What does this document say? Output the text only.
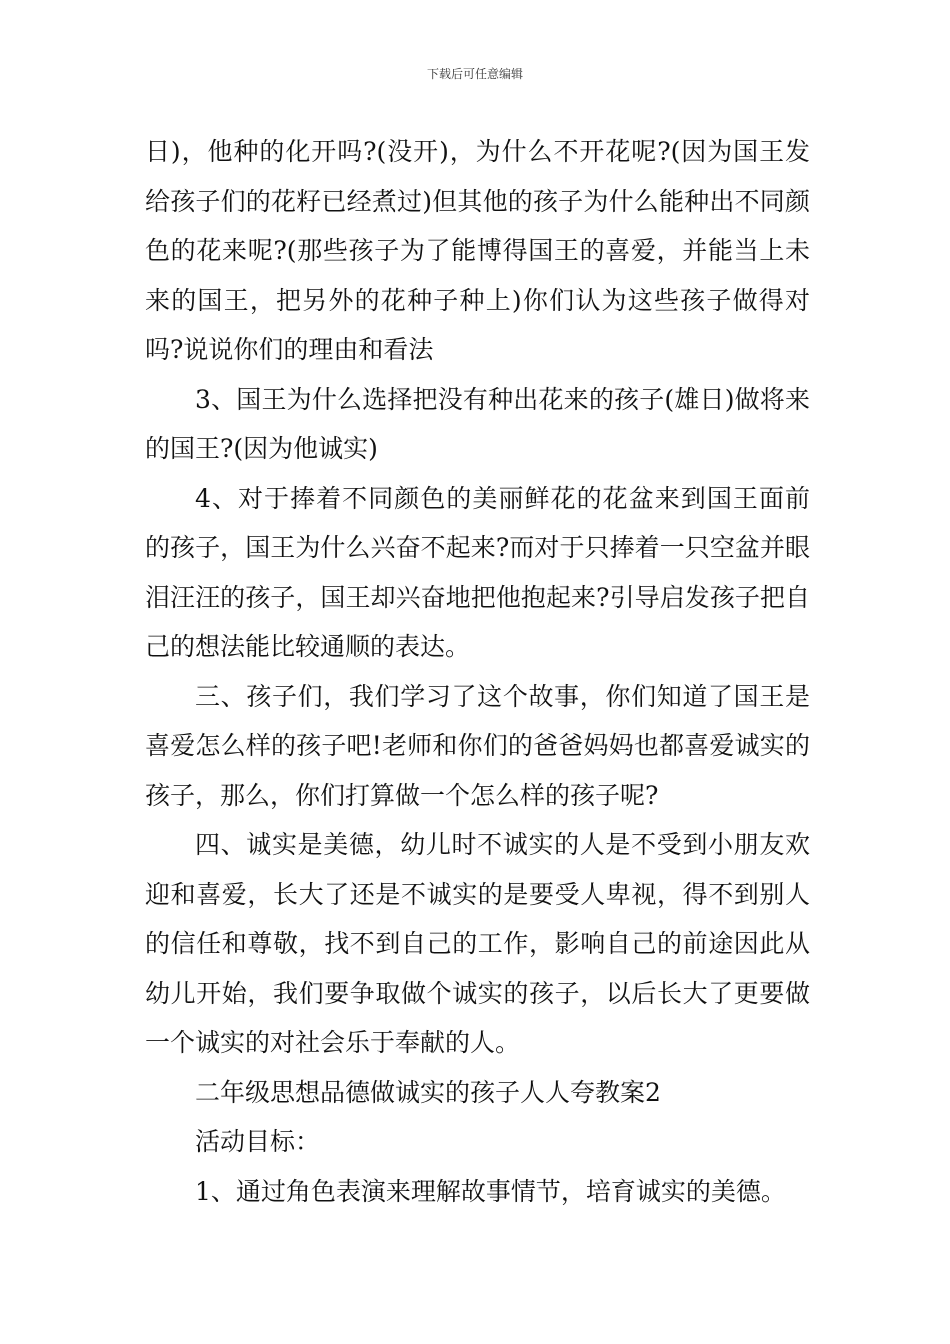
下载后可任意编辑

日)，他种的化开吗?(没开)，为什么不开花呢?(因为国王发给孩子们的花籽已经煮过)但其他的孩子为什么能种出不同颜色的花来呢?(那些孩子为了能博得国王的喜爱，并能当上未来的国王，把另外的花种子种上)你们认为这些孩子做得对吗?说说你们的理由和看法

3、国王为什么选择把没有种出花来的孩子(雄日)做将来的国王?(因为他诚实)

4、对于捧着不同颜色的美丽鲜花的花盆来到国王面前的孩子，国王为什么兴奋不起来?而对于只捧着一只空盆并眼泪汪汪的孩子，国王却兴奋地把他抱起来?引导启发孩子把自己的想法能比较通顺的表达。

三、孩子们，我们学习了这个故事，你们知道了国王是喜爱怎么样的孩子吧!老师和你们的爸爸妈妈也都喜爱诚实的孩子，那么，你们打算做一个怎么样的孩子呢?

四、诚实是美德，幼儿时不诚实的人是不受到小朋友欢迎和喜爱，长大了还是不诚实的是要受人卑视，得不到别人的信任和尊敬，找不到自己的工作，影响自己的前途因此从幼儿开始，我们要争取做个诚实的孩子，以后长大了更要做一个诚实的对社会乐于奉献的人。

二年级思想品德做诚实的孩子人人夸教案2

活动目标：

1、通过角色表演来理解故事情节，培育诚实的美德。
